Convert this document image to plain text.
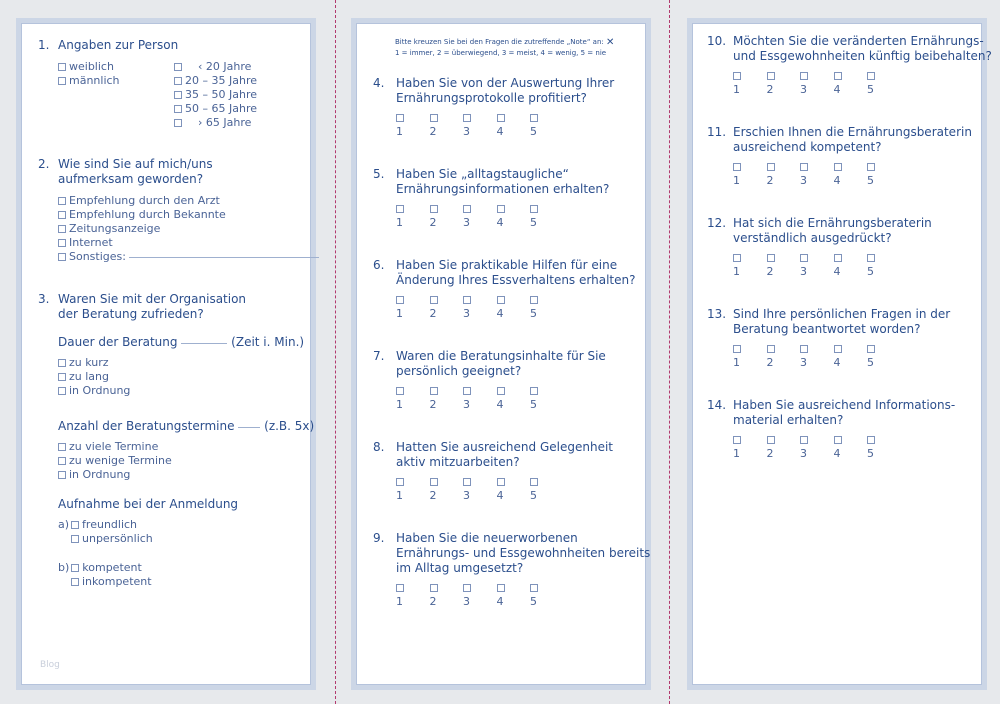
1. Angaben zur Person
weiblich
männlich
‹ 20 Jahre
20 – 35 Jahre
35 – 50 Jahre
50 – 65 Jahre
› 65 Jahre
2. Wie sind Sie auf mich/uns
aufmerksam geworden?
Empfehlung durch den Arzt
Empfehlung durch Bekannte
Zeitungsanzeige
Internet
Sonstiges:
3. Waren Sie mit der Organisation
der Beratung zufrieden?
Dauer der Beratung	(Zeit i. Min.)
zu kurz
zu lang
in Ordnung
Anzahl der Beratungstermine (z.B. 5x)
zu viele Termine
zu wenige Termine
in Ordnung
Aufnahme bei der Anmeldung
a) freundlich
unpersönlich
b) kompetent
inkompetent
Blog
Bitte kreuzen Sie bei den Fragen die zutreffende „Note“ an: ✕
1 = immer, 2 = überwiegend, 3 = meist, 4 = wenig, 5 = nie
4. Haben Sie von der Auswertung Ihrer
Ernährungsprotokolle profitiert?
1	2	3	4	5
5. Haben Sie „alltagstaugliche“
Ernährungsinformationen erhalten?
1	2	3	4	5
6. Haben Sie praktikable Hilfen für eine
Änderung Ihres Essverhaltens erhalten?
1	2	3	4	5
7. Waren die Beratungsinhalte für Sie
persönlich geeignet?
1	2	3	4	5
8. Hatten Sie ausreichend Gelegenheit
aktiv mitzuarbeiten?
1	2	3	4	5
9. Haben Sie die neuerworbenen
Ernährungs- und Essgewohnheiten bereits
im Alltag umgesetzt?
1	2	3	4	5
10. Möchten Sie die veränderten Ernährungs-
und Essgewohnheiten künftig beibehalten?
1	2	3	4	5
11. Erschien Ihnen die Ernährungsberaterin
ausreichend kompetent?
1	2	3	4	5
12. Hat sich die Ernährungsberaterin
verständlich ausgedrückt?
1	2	3	4	5
13. Sind Ihre persönlichen Fragen in der
Beratung beantwortet worden?
1	2	3	4	5
14. Haben Sie ausreichend Informations-
material erhalten?
1	2	3	4	5
